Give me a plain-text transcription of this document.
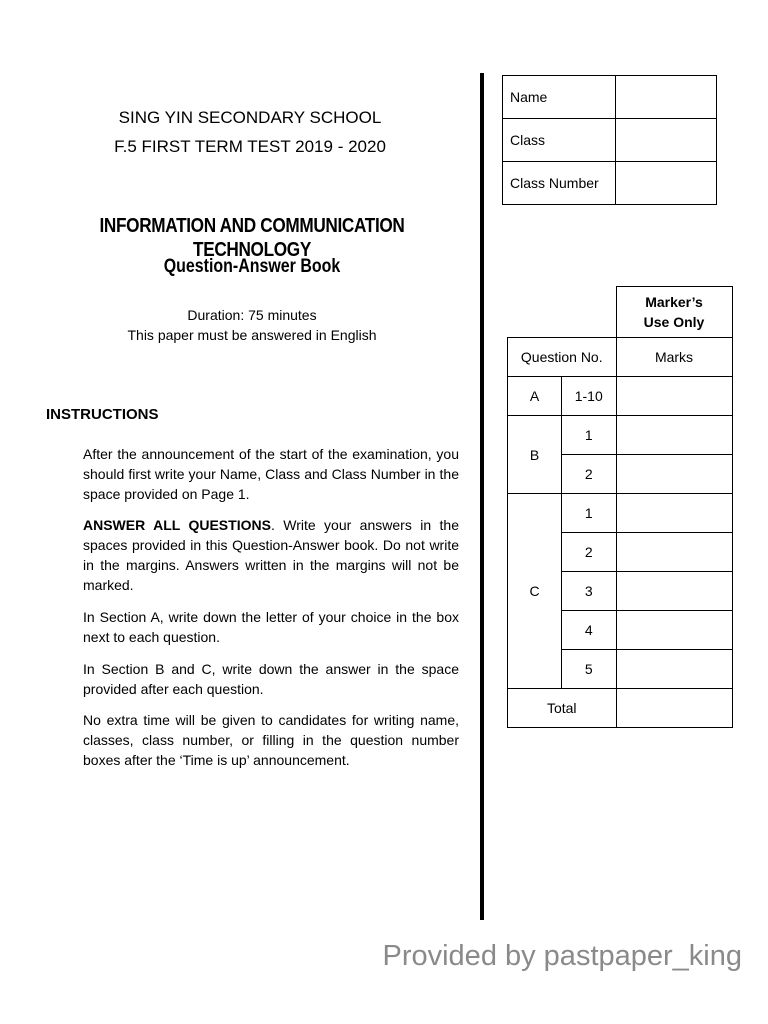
SING YIN SECONDARY SCHOOL
F.5 FIRST TERM TEST 2019 - 2020
INFORMATION AND COMMUNICATION TECHNOLOGY
Question-Answer Book
Duration: 75 minutes
This paper must be answered in English
INSTRUCTIONS

After the announcement of the start of the examination, you should first write your Name, Class and Class Number in the space provided on Page 1.

ANSWER ALL QUESTIONS. Write your answers in the spaces provided in this Question-Answer book. Do not write in the margins. Answers written in the margins will not be marked.

In Section A, write down the letter of your choice in the box next to each question.

In Section B and C, write down the answer in the space provided after each question.

No extra time will be given to candidates for writing name, classes, class number, or filling in the question number boxes after the ‘Time is up’ announcement.

Name	
Class	
Class Number	
		Marker’s
Use Only
Question No.		Marks
A	1-10	
B	1	
	2	
C	1	
	2	
	3	
	4	
	5	
Total		
Provided by pastpaper_king
